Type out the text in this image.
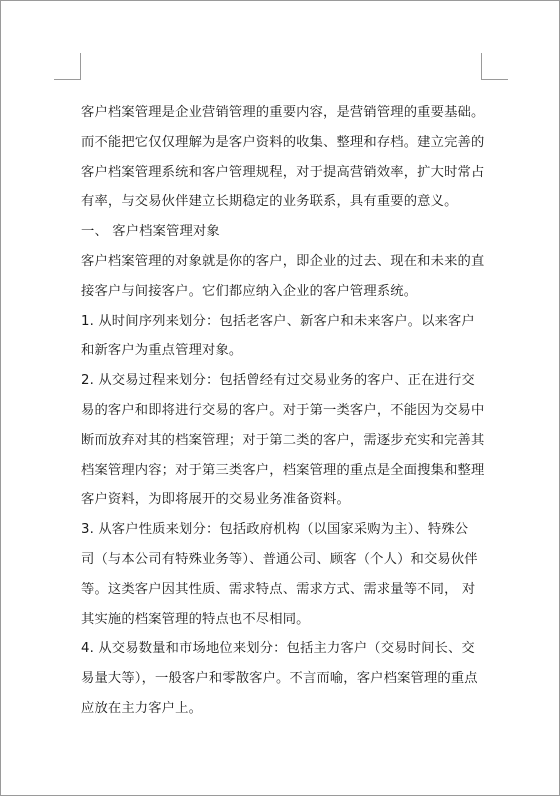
客户档案管理是企业营销管理的重要内容，是营销管理的重要基础。
而不能把它仅仅理解为是客户资料的收集、整理和存档。建立完善的
客户档案管理系统和客户管理规程，对于提高营销效率，扩大时常占
有率，与交易伙伴建立长期稳定的业务联系，具有重要的意义。
一、 客户档案管理对象
客户档案管理的对象就是你的客户，即企业的过去、现在和未来的直
接客户与间接客户。它们都应纳入企业的客户管理系统。
1. 从时间序列来划分：包括老客户、新客户和未来客户。以来客户
和新客户为重点管理对象。
2. 从交易过程来划分：包括曾经有过交易业务的客户、正在进行交
易的客户和即将进行交易的客户。对于第一类客户，不能因为交易中
断而放弃对其的档案管理；对于第二类的客户，需逐步充实和完善其
档案管理内容；对于第三类客户，档案管理的重点是全面搜集和整理
客户资料，为即将展开的交易业务准备资料。
3. 从客户性质来划分：包括政府机构（以国家采购为主）、特殊公
司（与本公司有特殊业务等）、普通公司、顾客（个人）和交易伙伴
等。这类客户因其性质、需求特点、需求方式、需求量等不同， 对
其实施的档案管理的特点也不尽相同。
4. 从交易数量和市场地位来划分：包括主力客户（交易时间长、交
易量大等），一般客户和零散客户。不言而喻，客户档案管理的重点
应放在主力客户上。
